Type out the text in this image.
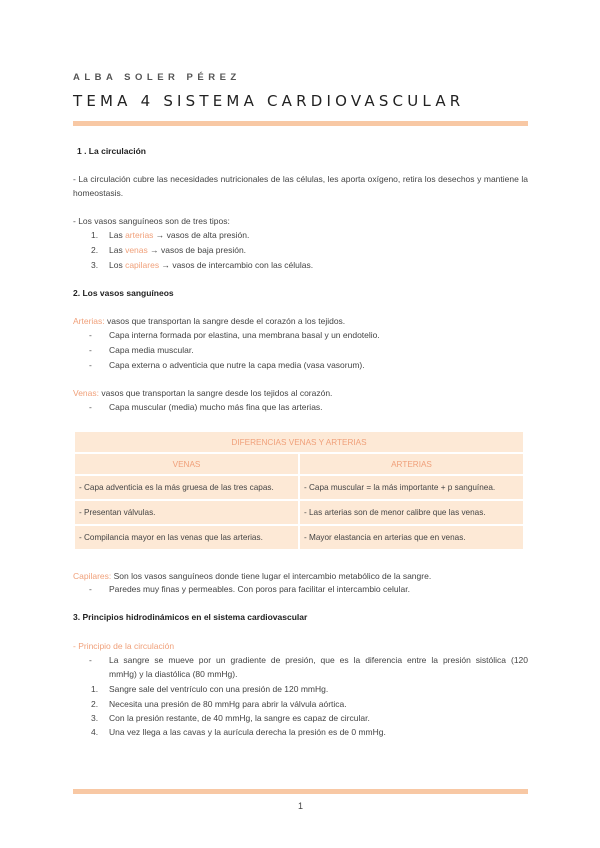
ALBA SOLER PÉREZ
TEMA 4 SISTEMA CARDIOVASCULAR
1 . La circulación
- La circulación cubre las necesidades nutricionales de las células, les aporta oxígeno, retira los desechos y mantiene la homeostasis.
- Los vasos sanguíneos son de tres tipos:
1. Las arterias → vasos de alta presión.
2. Las venas → vasos de baja presión.
3. Los capilares → vasos de intercambio con las células.
2. Los vasos sanguíneos
Arterias: vasos que transportan la sangre desde el corazón a los tejidos.
- Capa interna formada por elastina, una membrana basal y un endotelio.
- Capa media muscular.
- Capa externa o adventicia que nutre la capa media (vasa vasorum).
Venas: vasos que transportan la sangre desde los tejidos al corazón.
- Capa muscular (media) mucho más fina que las arterias.
DIFERENCIAS VENAS Y ARTERIAS	
VENAS	ARTERIAS
- Capa adventicia es la más gruesa de las tres capas.	- Capa muscular = la más importante + p sanguínea.
- Presentan válvulas.	- Las arterias son de menor calibre que las venas.
- Compilancia mayor en las venas que las arterias.	- Mayor elastancia en arterias que en venas.
Capilares: Son los vasos sanguíneos donde tiene lugar el intercambio metabólico de la sangre.
- Paredes muy finas y permeables. Con poros para facilitar el intercambio celular.
3. Principios hidrodinámicos en el sistema cardiovascular
- Principio de la circulación
- La sangre se mueve por un gradiente de presión, que es la diferencia entre la presión sistólica (120
mmHg) y la diastólica (80 mmHg).
1. Sangre sale del ventrículo con una presión de 120 mmHg.
2. Necesita una presión de 80 mmHg para abrir la válvula aórtica.
3. Con la presión restante, de 40 mmHg, la sangre es capaz de circular.
4. Una vez llega a las cavas y la aurícula derecha la presión es de 0 mmHg.
1
